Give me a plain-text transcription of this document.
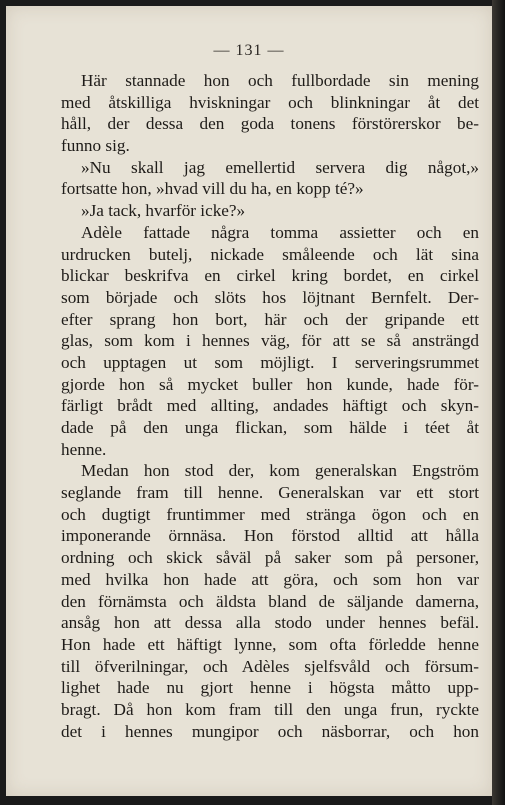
— 131 —
Här stannade hon och fullbordade sin mening
med åtskilliga hviskningar och blinkningar åt det
håll, der dessa den goda tonens förstörerskor be-
funno sig.
»Nu skall jag emellertid servera dig något,»
fortsatte hon, »hvad vill du ha, en kopp té?»
»Ja tack, hvarför icke?»
Adèle fattade några tomma assietter och en
urdrucken butelj, nickade småleende och lät sina
blickar beskrifva en cirkel kring bordet, en cirkel
som började och slöts hos löjtnant Bernfelt. Der-
efter sprang hon bort, här och der gripande ett
glas, som kom i hennes väg, för att se så ansträngd
och upptagen ut som möjligt. I serveringsrummet
gjorde hon så mycket buller hon kunde, hade för-
färligt brådt med allting, andades häftigt och skyn-
dade på den unga flickan, som hälde i téet åt
henne.
Medan hon stod der, kom generalskan Engström
seglande fram till henne. Generalskan var ett stort
och dugtigt fruntimmer med stränga ögon och en
imponerande örnnäsa. Hon förstod alltid att hålla
ordning och skick såväl på saker som på personer,
med hvilka hon hade att göra, och som hon var
den förnämsta och äldsta bland de säljande damerna,
ansåg hon att dessa alla stodo under hennes befäl.
Hon hade ett häftigt lynne, som ofta förledde henne
till öfverilningar, och Adèles sjelfsvåld och försum-
lighet hade nu gjort henne i högsta måtto upp-
bragt. Då hon kom fram till den unga frun, ryckte
det i hennes mungipor och näsborrar, och hon
